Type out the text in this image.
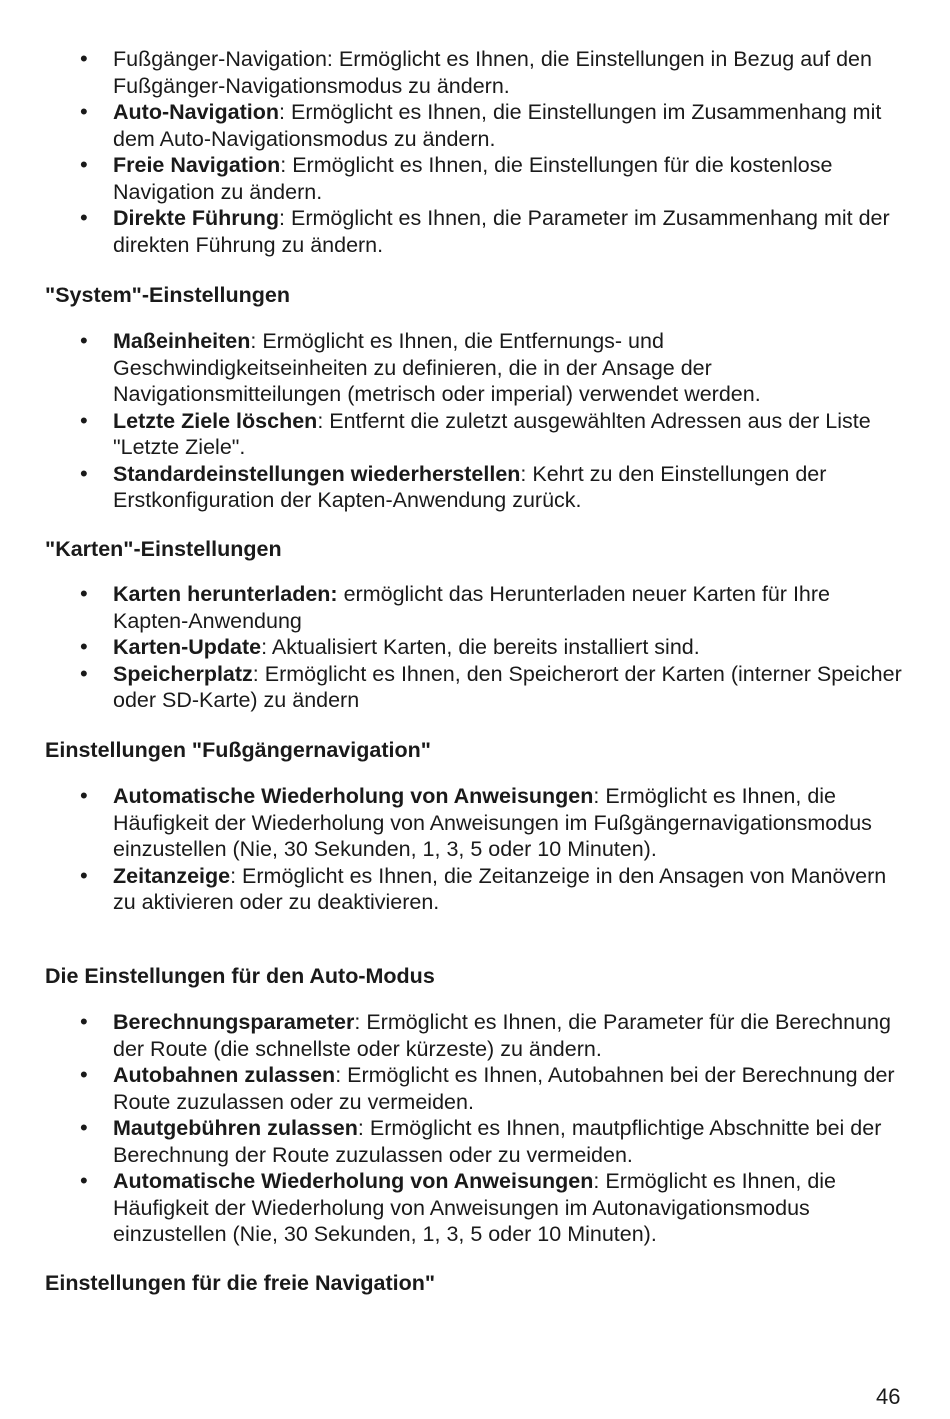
• Fußgänger-Navigation: Ermöglicht es Ihnen, die Einstellungen in Bezug auf den Fußgänger-Navigationsmodus zu ändern.
• Auto-Navigation: Ermöglicht es Ihnen, die Einstellungen im Zusammenhang mit dem Auto-Navigationsmodus zu ändern.
• Freie Navigation: Ermöglicht es Ihnen, die Einstellungen für die kostenlose Navigation zu ändern.
• Direkte Führung: Ermöglicht es Ihnen, die Parameter im Zusammenhang mit der direkten Führung zu ändern.
"System"-Einstellungen
• Maßeinheiten: Ermöglicht es Ihnen, die Entfernungs- und Geschwindigkeitseinheiten zu definieren, die in der Ansage der Navigationsmitteilungen (metrisch oder imperial) verwendet werden.
• Letzte Ziele löschen: Entfernt die zuletzt ausgewählten Adressen aus der Liste "Letzte Ziele".
• Standardeinstellungen wiederherstellen: Kehrt zu den Einstellungen der Erstkonfiguration der Kapten-Anwendung zurück.
"Karten"-Einstellungen
• Karten herunterladen: ermöglicht das Herunterladen neuer Karten für Ihre Kapten-Anwendung
• Karten-Update: Aktualisiert Karten, die bereits installiert sind.
• Speicherplatz: Ermöglicht es Ihnen, den Speicherort der Karten (interner Speicher oder SD-Karte) zu ändern
Einstellungen "Fußgängernavigation"
• Automatische Wiederholung von Anweisungen: Ermöglicht es Ihnen, die Häufigkeit der Wiederholung von Anweisungen im Fußgängernavigationsmodus einzustellen (Nie, 30 Sekunden, 1, 3, 5 oder 10 Minuten).
• Zeitanzeige: Ermöglicht es Ihnen, die Zeitanzeige in den Ansagen von Manövern zu aktivieren oder zu deaktivieren.
Die Einstellungen für den Auto-Modus
• Berechnungsparameter: Ermöglicht es Ihnen, die Parameter für die Berechnung der Route (die schnellste oder kürzeste) zu ändern.
• Autobahnen zulassen: Ermöglicht es Ihnen, Autobahnen bei der Berechnung der Route zuzulassen oder zu vermeiden.
• Mautgebühren zulassen: Ermöglicht es Ihnen, mautpflichtige Abschnitte bei der Berechnung der Route zuzulassen oder zu vermeiden.
• Automatische Wiederholung von Anweisungen: Ermöglicht es Ihnen, die Häufigkeit der Wiederholung von Anweisungen im Autonavigationsmodus einzustellen (Nie, 30 Sekunden, 1, 3, 5 oder 10 Minuten).
Einstellungen für die freie Navigation"
46
